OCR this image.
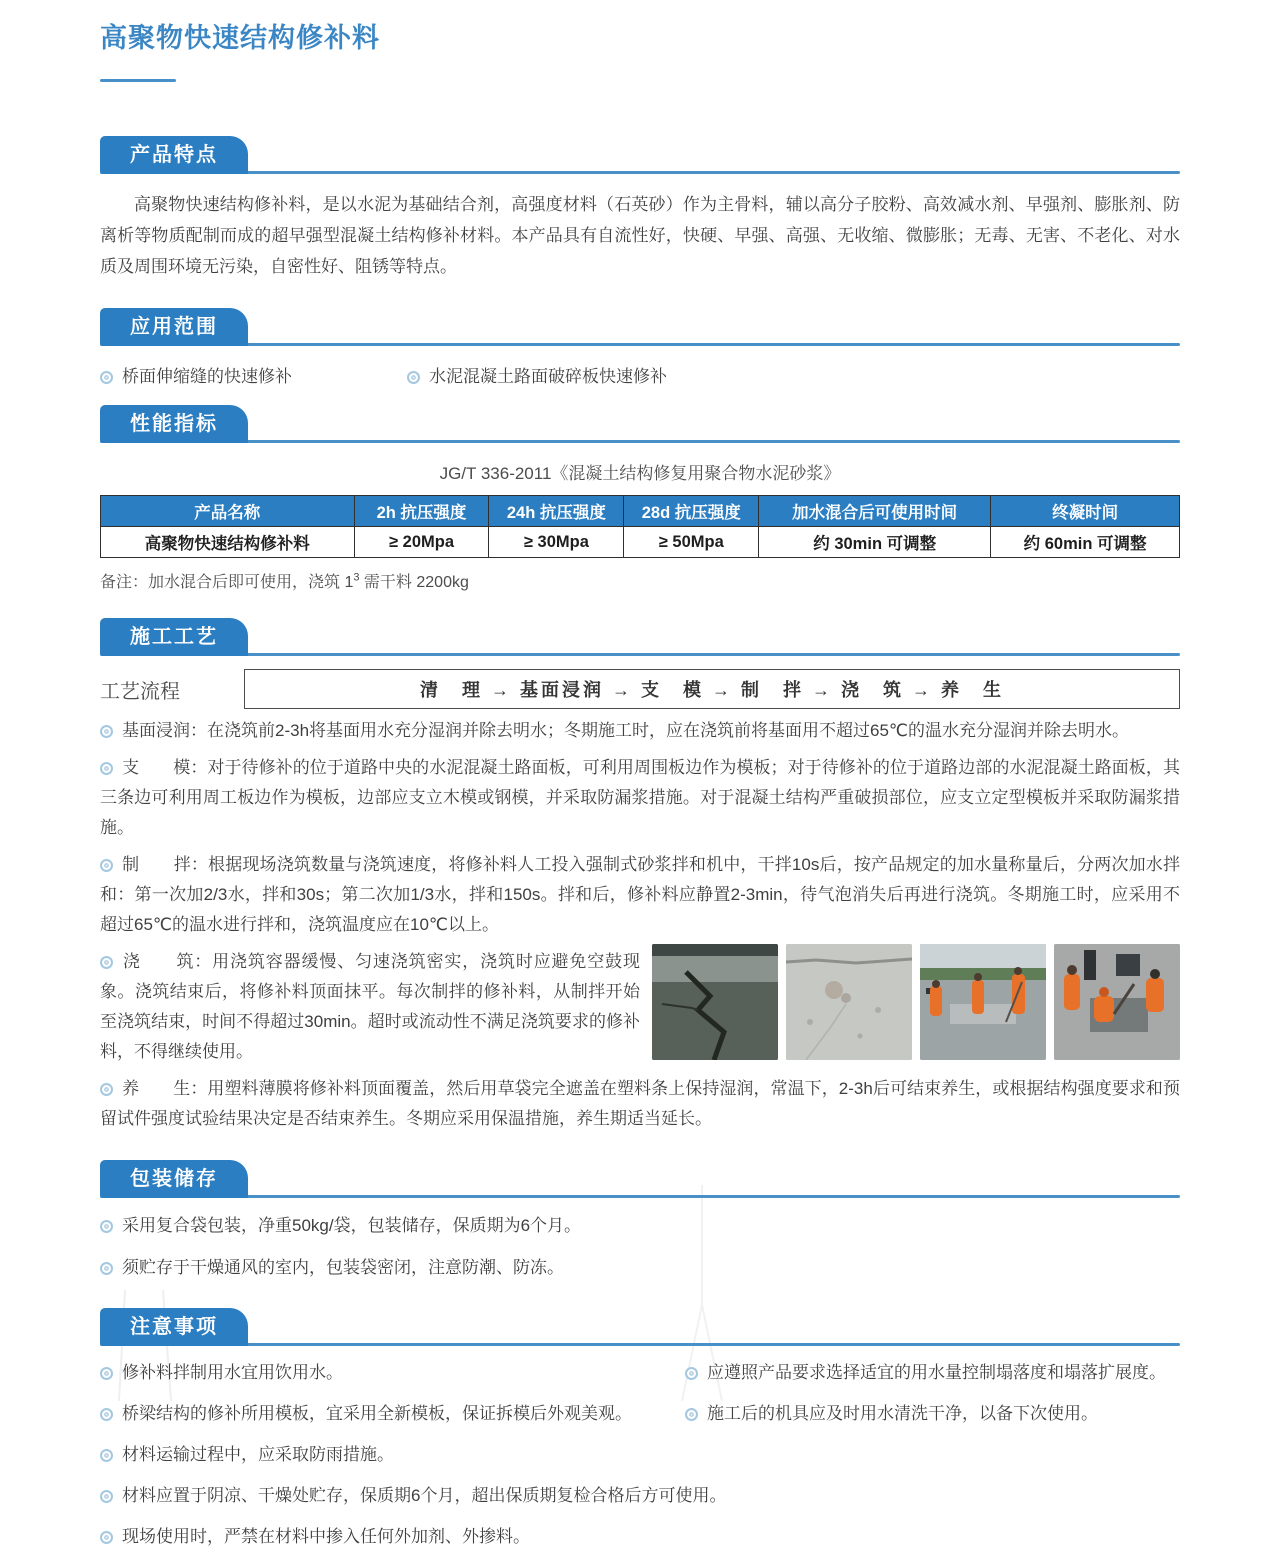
高聚物快速结构修补料
产品特点

高聚物快速结构修补料，是以水泥为基础结合剂，高强度材料（石英砂）作为主骨料，辅以高分子胶粉、高效减水剂、早强剂、膨胀剂、防离析等物质配制而成的超早强型混凝土结构修补材料。本产品具有自流性好，快硬、早强、高强、无收缩、微膨胀；无毒、无害、不老化、对水质及周围环境无污染，自密性好、阻锈等特点。

应用范围
桥面伸缩缝的快速修补	水泥混凝土路面破碎板快速修补
性能指标
JG/T 336-2011《混凝土结构修复用聚合物水泥砂浆》
产品名称	2h 抗压强度	24h 抗压强度	28d 抗压强度	加水混合后可使用时间	终凝时间
高聚物快速结构修补料	≥ 20Mpa	≥ 30Mpa	≥ 50Mpa	约 30min 可调整	约 60min 可调整
备注：加水混合后即可使用，浇筑 $1^3$ 需干料 2200kg
施工工艺
工艺流程	清　理 → 基面浸润 → 支　模 → 制　拌 → 浇　筑 → 养　生
基面浸润：在浇筑前2-3h将基面用水充分湿润并除去明水；冬期施工时，应在浇筑前将基面用不超过65℃的温水充分湿润并除去明水。
支　　模：对于待修补的位于道路中央的水泥混凝土路面板，可利用周围板边作为模板；对于待修补的位于道路边部的水泥混凝土路面板，其三条边可利用周工板边作为模板，边部应支立木模或钢模，并采取防漏浆措施。对于混凝土结构严重破损部位，应支立定型模板并采取防漏浆措施。
制　　拌：根据现场浇筑数量与浇筑速度，将修补料人工投入强制式砂浆拌和机中，干拌10s后，按产品规定的加水量称量后，分两次加水拌和：第一次加2/3水，拌和30s；第二次加1/3水，拌和150s。拌和后，修补料应静置2-3min，待气泡消失后再进行浇筑。冬期施工时，应采用不超过65℃的温水进行拌和，浇筑温度应在10℃以上。
浇　　筑：用浇筑容器缓慢、匀速浇筑密实，浇筑时应避免空鼓现象。浇筑结束后，将修补料顶面抹平。每次制拌的修补料，从制拌开始至浇筑结束，时间不得超过30min。超时或流动性不满足浇筑要求的修补料，不得继续使用。
养　　生：用塑料薄膜将修补料顶面覆盖，然后用草袋完全遮盖在塑料条上保持湿润，常温下，2-3h后可结束养生，或根据结构强度要求和预留试件强度试验结果决定是否结束养生。冬期应采用保温措施，养生期适当延长。
包装储存
采用复合袋包装，净重50kg/袋，包装储存，保质期为6个月。
须贮存于干燥通风的室内，包装袋密闭，注意防潮、防冻。
注意事项
修补料拌制用水宜用饮用水。	应遵照产品要求选择适宜的用水量控制塌落度和塌落扩展度。
桥梁结构的修补所用模板，宜采用全新模板，保证拆模后外观美观。	施工后的机具应及时用水清洗干净，以备下次使用。
材料运输过程中，应采取防雨措施。
材料应置于阴凉、干燥处贮存，保质期6个月，超出保质期复检合格后方可使用。
现场使用时，严禁在材料中掺入任何外加剂、外掺料。
